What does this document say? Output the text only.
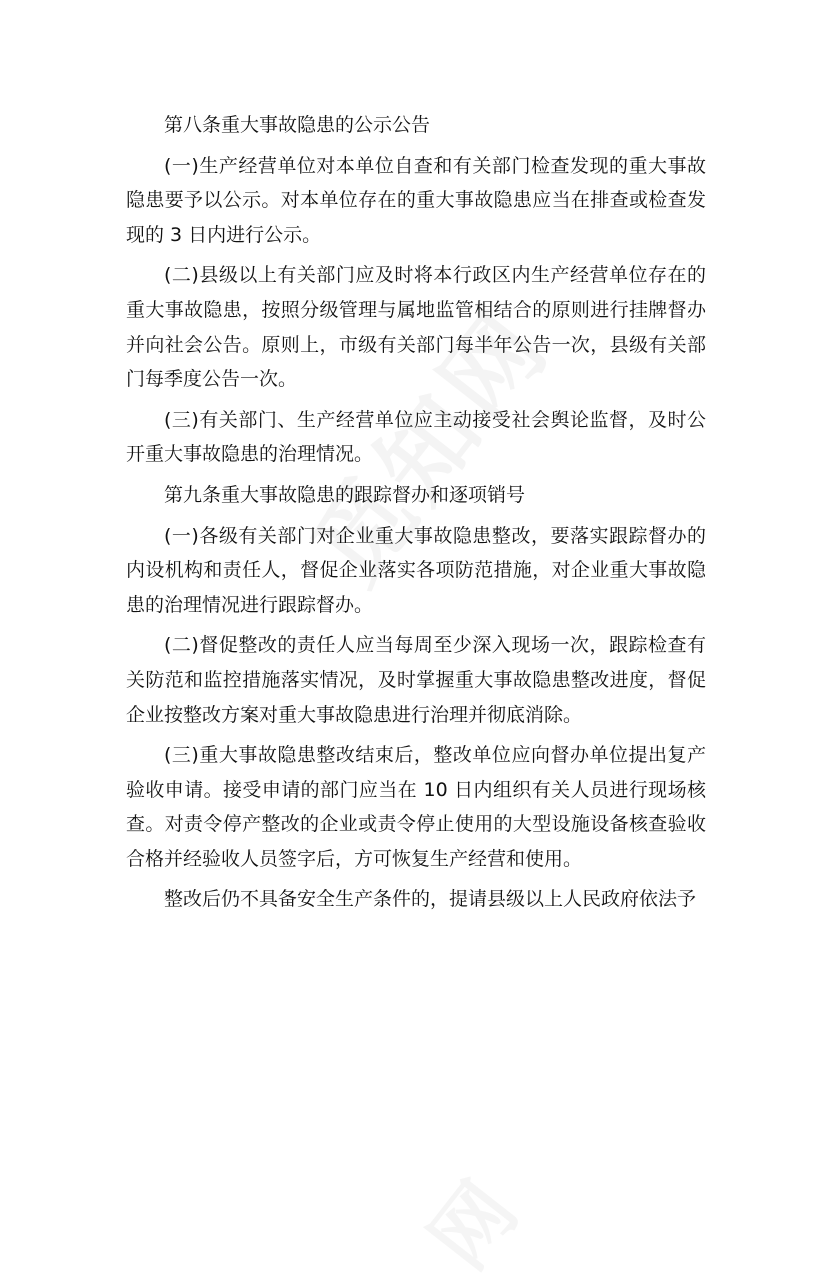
第八条重大事故隐患的公示公告

(一)生产经营单位对本单位自查和有关部门检查发现的重大事故隐患要予以公示。对本单位存在的重大事故隐患应当在排查或检查发现的 3 日内进行公示。

(二)县级以上有关部门应及时将本行政区内生产经营单位存在的重大事故隐患，按照分级管理与属地监管相结合的原则进行挂牌督办并向社会公告。原则上，市级有关部门每半年公告一次，县级有关部门每季度公告一次。

(三)有关部门、生产经营单位应主动接受社会舆论监督，及时公开重大事故隐患的治理情况。

第九条重大事故隐患的跟踪督办和逐项销号

(一)各级有关部门对企业重大事故隐患整改，要落实跟踪督办的内设机构和责任人，督促企业落实各项防范措施，对企业重大事故隐患的治理情况进行跟踪督办。

(二)督促整改的责任人应当每周至少深入现场一次，跟踪检查有关防范和监控措施落实情况，及时掌握重大事故隐患整改进度，督促企业按整改方案对重大事故隐患进行治理并彻底消除。

(三)重大事故隐患整改结束后，整改单位应向督办单位提出复产验收申请。接受申请的部门应当在 10 日内组织有关人员进行现场核查。对责令停产整改的企业或责令停止使用的大型设施设备核查验收合格并经验收人员签字后，方可恢复生产经营和使用。

整改后仍不具备安全生产条件的，提请县级以上人民政府依法予
